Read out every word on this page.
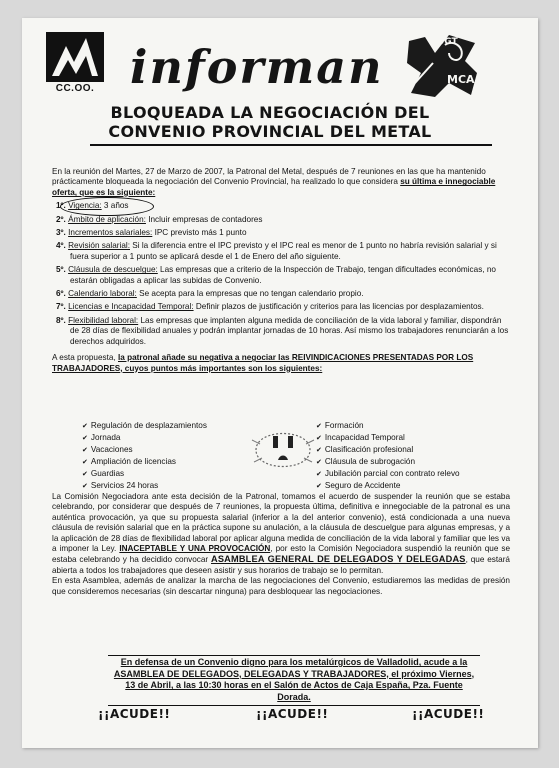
CC.OO. informan	UGT
MCA
BLOQUEADA LA NEGOCIACIÓN DEL
CONVENIO PROVINCIAL DEL METAL

En la reunión del Martes, 27 de Marzo de 2007, la Patronal del Metal, después de 7 reuniones en las que ha mantenido prácticamente bloqueada la negociación del Convenio Provincial, ha realizado lo que considera su última e innegociable oferta, que es la siguiente:

1º. Vigencia: 3 años
2º. Ámbito de aplicación: Incluir empresas de contadores
3º. Incrementos salariales: IPC previsto más 1 punto
4º. Revisión salarial: Si la diferencia entre el IPC previsto y el IPC real es menor de 1 punto no habría revisión salarial y si fuera superior a 1 punto se aplicará desde el 1 de Enero del año siguiente.
5º. Cláusula de descuelgue: Las empresas que a criterio de la Inspección de Trabajo, tengan dificultades económicas, no estarán obligadas a aplicar las subidas de Convenio.
6º. Calendario laboral: Se acepta para la empresas que no tengan calendario propio.
7º. Licencias e Incapacidad Temporal: Definir plazos de justificación y criterios para las licencias por desplazamientos.
8º. Flexibilidad laboral: Las empresas que implanten alguna medida de conciliación de la vida laboral y familiar, dispondrán de 28 días de flexibilidad anuales y podrán implantar jornadas de 10 horas. Así mismo los trabajadores renunciarán a los derechos adquiridos.

A esta propuesta, la patronal añade su negativa a negociar las REIVINDICACIONES PRESENTADAS POR LOS TRABAJADORES, cuyos puntos más importantes son los siguientes:

✔ Regulación de desplazamientos
✔ Jornada
✔ Vacaciones
✔ Ampliación de licencias
✔ Guardias
✔ Servicios 24 horas
✔ Formación
✔ Incapacidad Temporal
✔ Clasificación profesional
✔ Cláusula de subrogación
✔ Jubilación parcial con contrato relevo
✔ Seguro de Accidente

La Comisión Negociadora ante esta decisión de la Patronal, tomamos el acuerdo de suspender la reunión que se estaba celebrando, por considerar que después de 7 reuniones, la propuesta última, definitiva e innegociable de la patronal es una auténtica provocación, ya que su propuesta salarial (inferior a la del anterior convenio), está condicionada a una nueva cláusula de revisión salarial que en la práctica supone su anulación, a la cláusula de descuelgue para algunas empresas, y a la aplicación de 28 días de flexibilidad laboral por aplicar alguna medida de conciliación de la vida laboral y familiar que les va a imponer la Ley. INACEPTABLE Y UNA PROVOCACIÓN, por esto la Comisión Negociadora suspendió la reunión que se estaba celebrando y ha decidido convocar ASAMBLEA GENERAL DE DELEGADOS Y DELEGADAS, que estará abierta a todos los trabajadores que deseen asistir y sus horarios de trabajo se lo permitan.

En esta Asamblea, además de analizar la marcha de las negociaciones del Convenio, estudiaremos las medidas de presión que consideremos necesarias (sin descartar ninguna) para desbloquear las negociaciones.

En defensa de un Convenio digno para los metalúrgicos de Valladolid, acude a la ASAMBLEA DE DELEGADOS, DELEGADAS Y TRABAJADORES, el próximo Viernes, 13 de Abril, a las 10:30 horas en el Salón de Actos de Caja España, Pza. Fuente Dorada.
¡¡ACUDE!!	¡¡ACUDE!!	¡¡ACUDE!!
